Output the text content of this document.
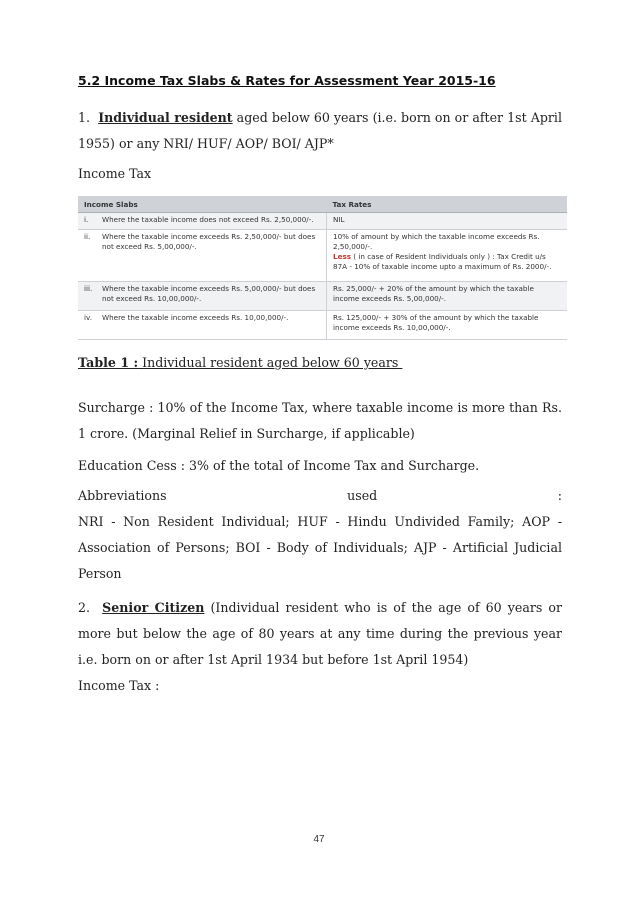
5.2 Income Tax Slabs & Rates for Assessment Year 2015-16
1. Individual resident aged below 60 years (i.e. born on or after 1st April 1955) or any NRI/ HUF/ AOP/ BOI/ AJP*
Income Tax
Income Slabs		Tax Rates
i.	Where the taxable income does not exceed Rs. 2,50,000/-.	NIL
ii.	Where the taxable income exceeds Rs. 2,50,000/- but does not exceed Rs. 5,00,000/-.	10% of amount by which the taxable income exceeds Rs. 2,50,000/-.
Less ( in case of Resident Individuals only ) : Tax Credit u/s 87A - 10% of taxable income upto a maximum of Rs. 2000/-.

iii.	Where the taxable income exceeds Rs. 5,00,000/- but does not exceed Rs. 10,00,000/-.	Rs. 25,000/- + 20% of the amount by which the taxable income exceeds Rs. 5,00,000/-.
iv.	Where the taxable income exceeds Rs. 10,00,000/-.	Rs. 125,000/- + 30% of the amount by which the taxable income exceeds Rs. 10,00,000/-.
Table 1 : Individual resident aged below 60 years
Surcharge : 10% of the Income Tax, where taxable income is more than Rs. 1 crore. (Marginal Relief in Surcharge, if applicable)
Education Cess : 3% of the total of Income Tax and Surcharge.
Abbreviations	used	:
NRI - Non Resident Individual; HUF - Hindu Undivided Family; AOP - Association of Persons; BOI - Body of Individuals; AJP - Artificial Judicial Person
2. Senior Citizen (Individual resident who is of the age of 60 years or more but below the age of 80 years at any time during the previous year i.e. born on or after 1st April 1934 but before 1st April 1954)
Income Tax :
47
